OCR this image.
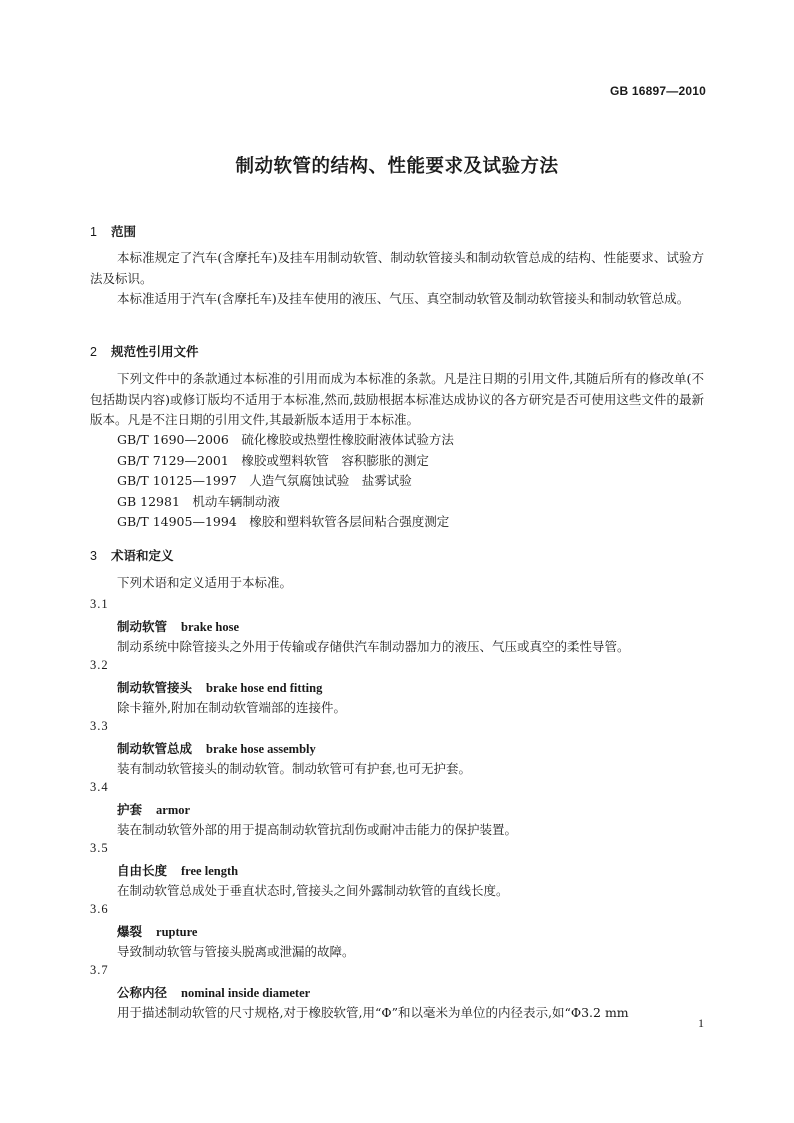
GB 16897—2010
制动软管的结构、性能要求及试验方法
1 范围
本标准规定了汽车(含摩托车)及挂车用制动软管、制动软管接头和制动软管总成的结构、性能要求、试验方法及标识。
本标准适用于汽车(含摩托车)及挂车使用的液压、气压、真空制动软管及制动软管接头和制动软管总成。
2 规范性引用文件
下列文件中的条款通过本标准的引用而成为本标准的条款。凡是注日期的引用文件,其随后所有的修改单(不包括勘误内容)或修订版均不适用于本标准,然而,鼓励根据本标准达成协议的各方研究是否可使用这些文件的最新版本。凡是不注日期的引用文件,其最新版本适用于本标准。
GB/T 1690—2006　硫化橡胶或热塑性橡胶耐液体试验方法
GB/T 7129—2001　橡胶或塑料软管　容积膨胀的测定
GB/T 10125—1997　人造气氛腐蚀试验　盐雾试验
GB 12981　机动车辆制动液
GB/T 14905—1994　橡胶和塑料软管各层间粘合强度测定
3 术语和定义
下列术语和定义适用于本标准。
3.1
制动软管 brake hose
制动系统中除管接头之外用于传输或存储供汽车制动器加力的液压、气压或真空的柔性导管。
3.2
制动软管接头 brake hose end fitting
除卡箍外,附加在制动软管端部的连接件。
3.3
制动软管总成 brake hose assembly
装有制动软管接头的制动软管。制动软管可有护套,也可无护套。
3.4
护套 armor
装在制动软管外部的用于提高制动软管抗刮伤或耐冲击能力的保护装置。
3.5
自由长度 free length
在制动软管总成处于垂直状态时,管接头之间外露制动软管的直线长度。
3.6
爆裂 rupture
导致制动软管与管接头脱离或泄漏的故障。
3.7
公称内径 nominal inside diameter
用于描述制动软管的尺寸规格,对于橡胶软管,用“Φ”和以毫米为单位的内径表示,如“Φ3.2 mm
1
